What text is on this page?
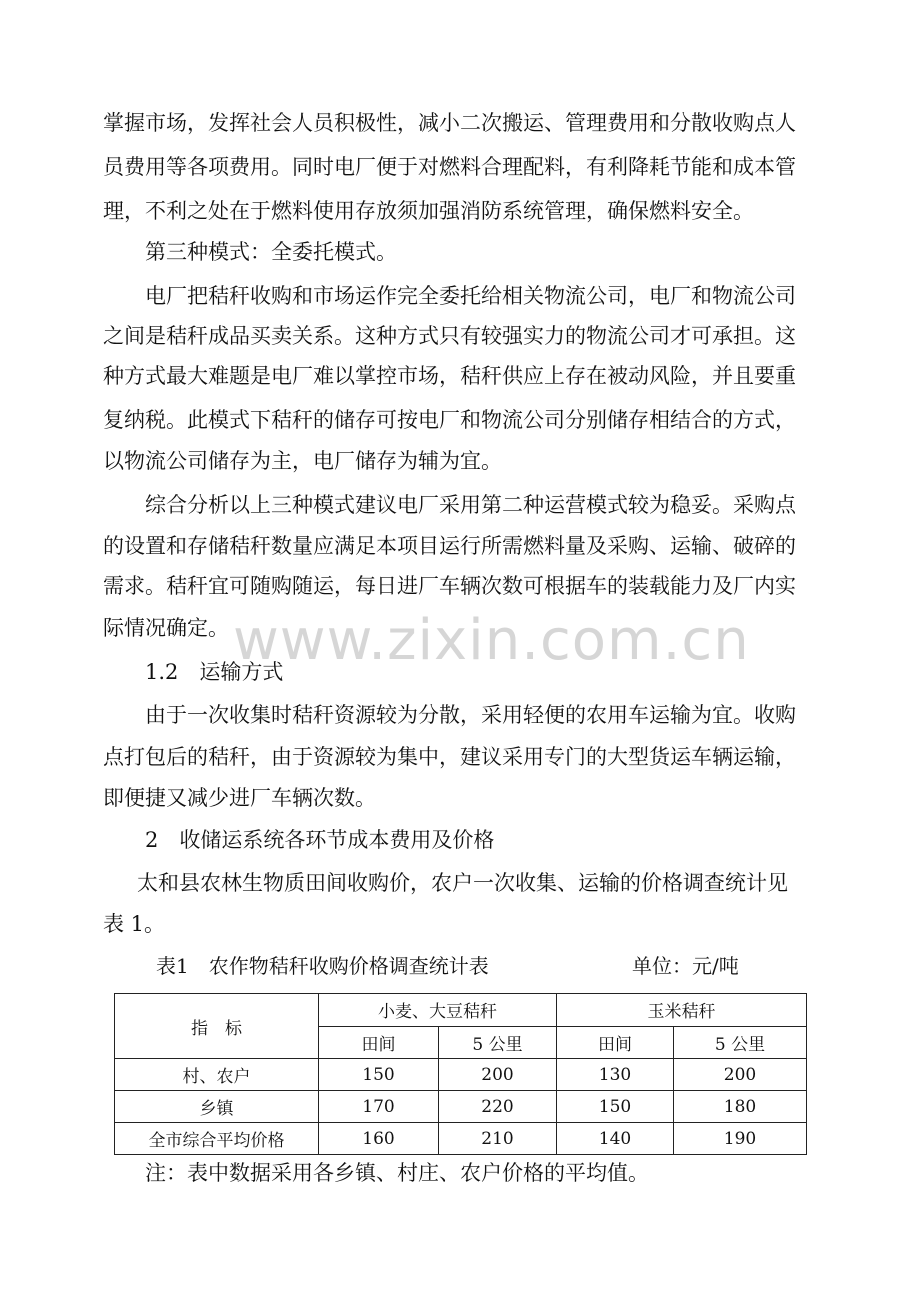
www.zixin.com.cn
掌握市场，发挥社会人员积极性，减小二次搬运、管理费用和分散收购点人
员费用等各项费用。同时电厂便于对燃料合理配料，有利降耗节能和成本管
理，不利之处在于燃料使用存放须加强消防系统管理，确保燃料安全。
第三种模式：全委托模式。
电厂把秸秆收购和市场运作完全委托给相关物流公司，电厂和物流公司
之间是秸秆成品买卖关系。这种方式只有较强实力的物流公司才可承担。这
种方式最大难题是电厂难以掌控市场，秸秆供应上存在被动风险，并且要重
复纳税。此模式下秸秆的储存可按电厂和物流公司分别储存相结合的方式，
以物流公司储存为主，电厂储存为辅为宜。
综合分析以上三种模式建议电厂采用第二种运营模式较为稳妥。采购点
的设置和存储秸秆数量应满足本项目运行所需燃料量及采购、运输、破碎的
需求。秸秆宜可随购随运，每日进厂车辆次数可根据车的装载能力及厂内实
际情况确定。
1.2　运输方式
由于一次收集时秸秆资源较为分散，采用轻便的农用车运输为宜。收购
点打包后的秸秆，由于资源较为集中，建议采用专门的大型货运车辆运输，
即便捷又减少进厂车辆次数。
2　收储运系统各环节成本费用及价格
太和县农林生物质田间收购价，农户一次收集、运输的价格调查统计见
表 1。
表1　农作物秸秆收购价格调查统计表	单位：元/吨
指　标	小麦、大豆秸秆		玉米秸秆	
	田间	5 公里	田间	5 公里
村、农户	150	200	130	200
乡镇	170	220	150	180
全市综合平均价格	160	210	140	190
注：表中数据采用各乡镇、村庄、农户价格的平均值。
